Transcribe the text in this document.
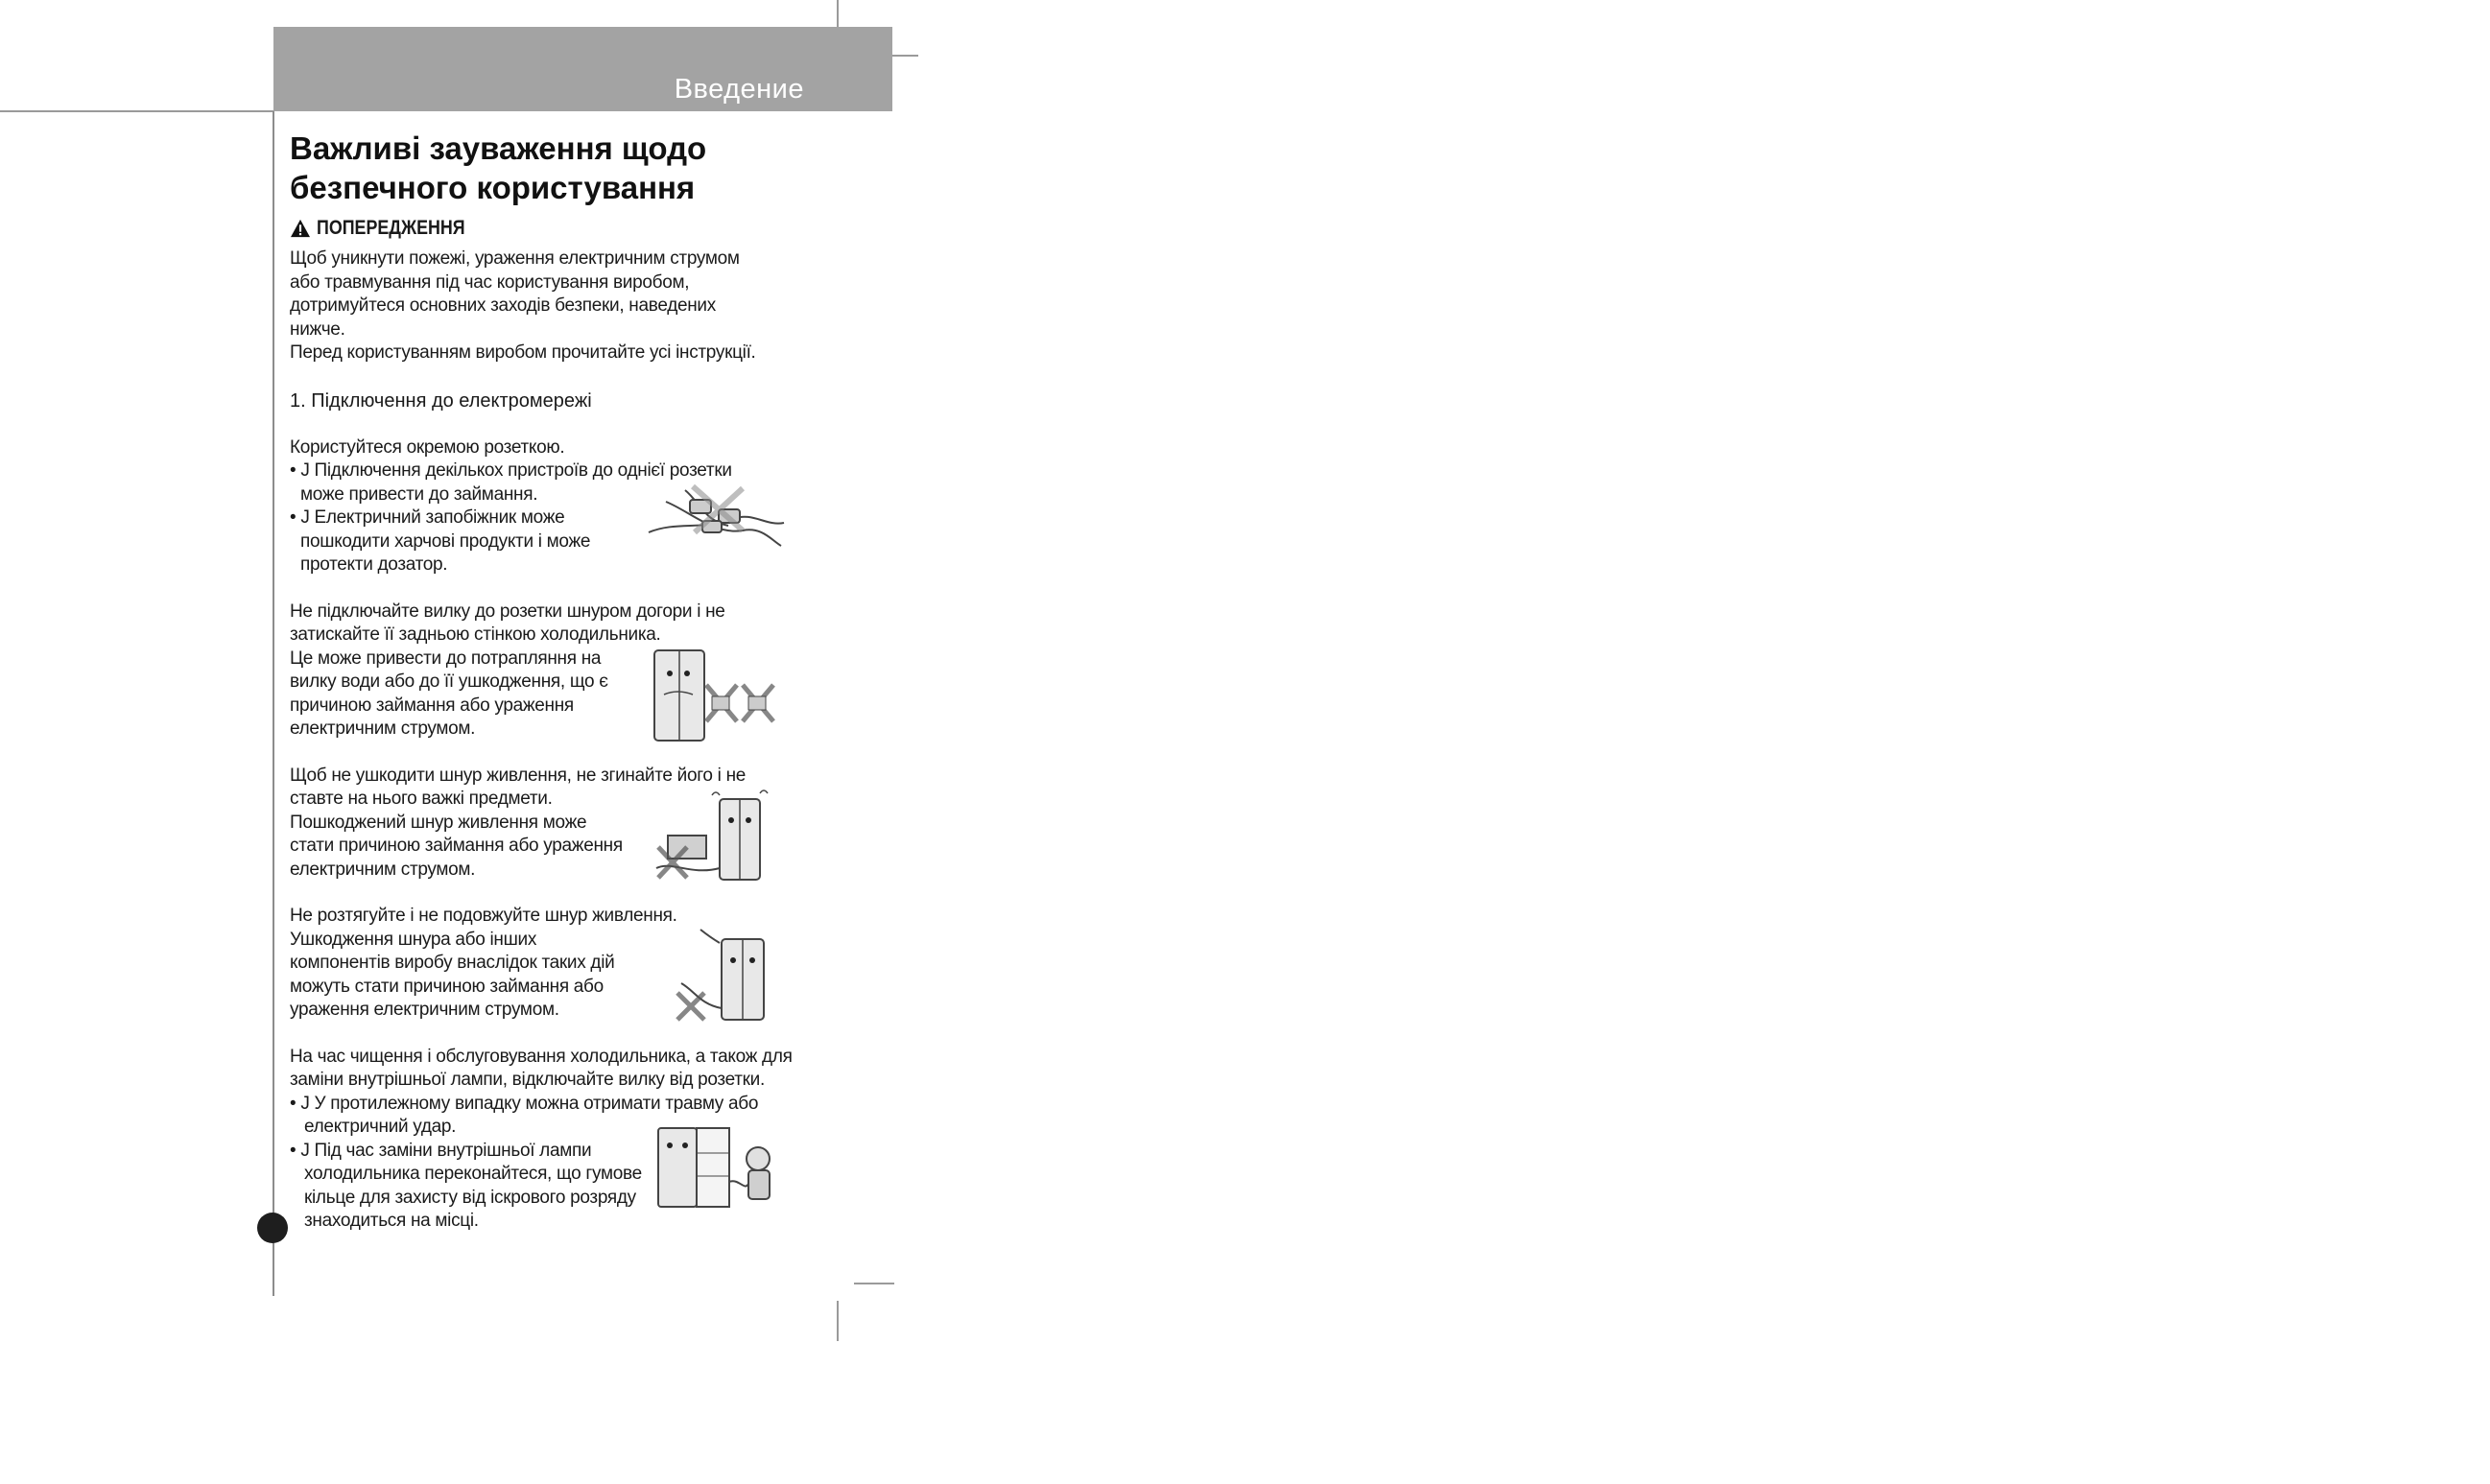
Введение
Важливі зауваження щодо
безпечного користування
ПОПЕРЕДЖЕННЯ
Щоб уникнути пожежі, ураження електричним струмом
або травмування під час користування виробом,
дотримуйтеся основних заходів безпеки, наведених
нижче.
Перед користуванням виробом прочитайте усі інструкції.
1. Підключення до електромережі
Користуйтеся окремою розеткою.
• J Підключення декількох пристроїв до однієї розетки
може привести до займання.
• J Електричний запобіжник може
пошкодити харчові продукти і може
протекти дозатор.
Не підключайте вилку до розетки шнуром догори і не
затискайте її задньою стінкою холодильника.
Це може привести до потрапляння на
вилку води або до її ушкодження, що є
причиною займання або ураження
електричним струмом.
Щоб не ушкодити шнур живлення, не згинайте його і не
ставте на нього важкі предмети.
Пошкоджений шнур живлення може
стати причиною займання або ураження
електричним струмом.
Не розтягуйте і не подовжуйте шнур живлення.
Ушкодження шнура або інших
компонентів виробу внаслідок таких дій
можуть стати причиною займання або
ураження електричним струмом.
На час чищення і обслуговування холодильника, а також для
заміни внутрішньої лампи, відключайте вилку від розетки.
• J У протилежному випадку можна отримати травму або
електричний удар.
• J Під час заміни внутрішньої лампи
холодильника переконайтеся, що гумове
кільце для захисту від іскрового розряду
знаходиться на місці.
